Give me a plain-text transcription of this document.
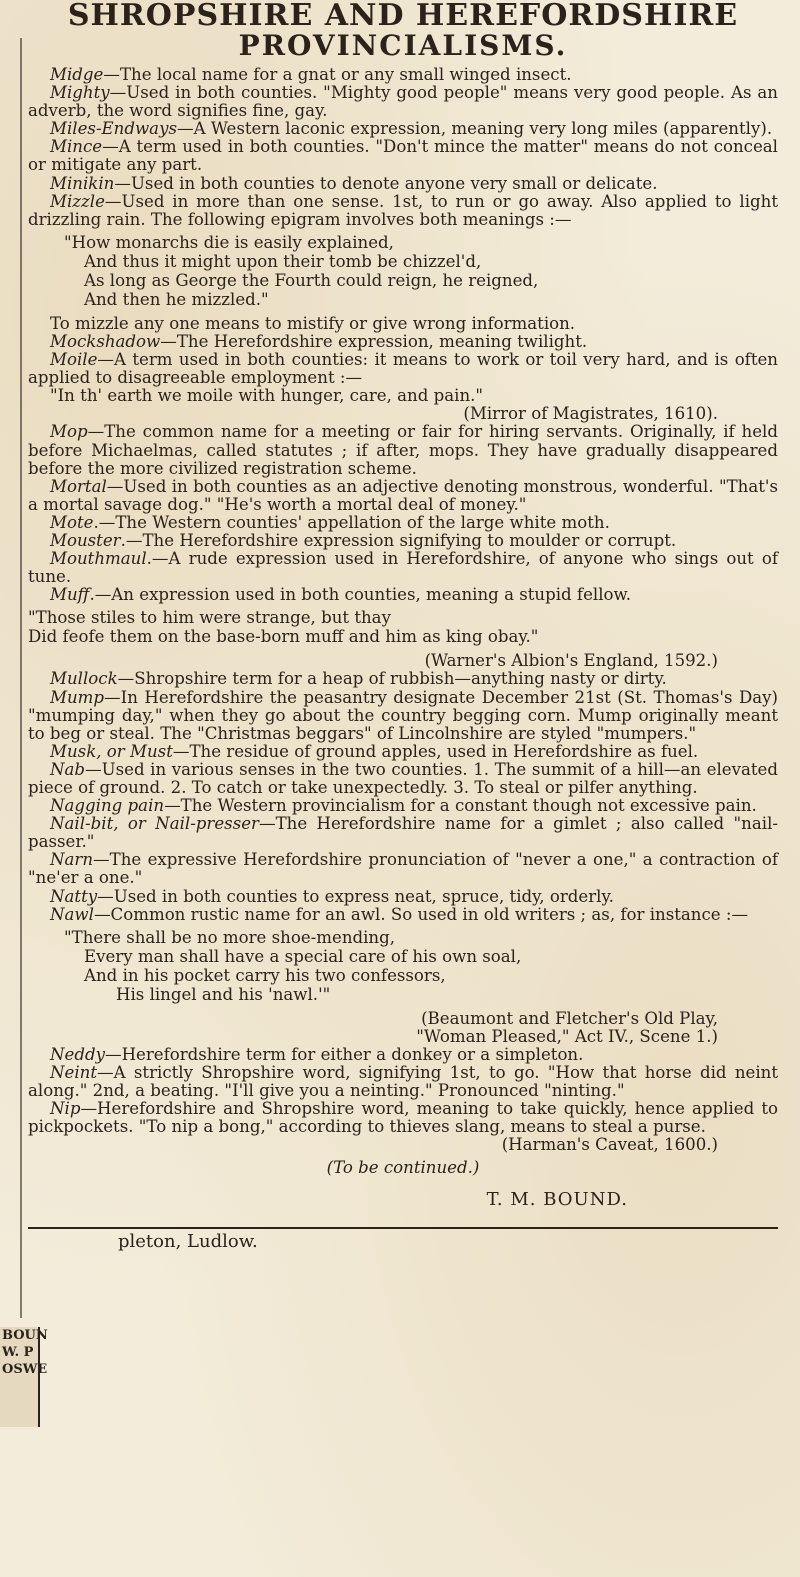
SHROPSHIRE AND HEREFORDSHIRE

PROVINCIALISMS.

Midge—The local name for a gnat or any small winged insect.

Mighty—Used in both counties. "Mighty good people" means very good people. As an adverb, the word signifies fine, gay.

Miles-Endways—A Western laconic expression, meaning very long miles (apparently).

Mince—A term used in both counties. "Don't mince the matter" means do not conceal or mitigate any part.

Minikin—Used in both counties to denote anyone very small or delicate.

Mizzle—Used in more than one sense. 1st, to run or go away. Also applied to light drizzling rain. The following epigram involves both meanings :—

"How monarchs die is easily explained,
And thus it might upon their tomb be chizzel'd,
As long as George the Fourth could reign, he reigned,
And then he mizzled."

To mizzle any one means to mistify or give wrong information.

Mockshadow—The Herefordshire expression, meaning twilight.

Moile—A term used in both counties: it means to work or toil very hard, and is often applied to disagreeable employment :—

"In th' earth we moile with hunger, care, and pain."

(Mirror of Magistrates, 1610).

Mop—The common name for a meeting or fair for hiring servants. Originally, if held before Michaelmas, called statutes ; if after, mops. They have gradually disappeared before the more civilized registration scheme.

Mortal—Used in both counties as an adjective denoting monstrous, wonderful. "That's a mortal savage dog." "He's worth a mortal deal of money."

Mote.—The Western counties' appellation of the large white moth.

Mouster.—The Herefordshire expression signifying to moulder or corrupt.

Mouthmaul.—A rude expression used in Herefordshire, of anyone who sings out of tune.

Muff.—An expression used in both counties, meaning a stupid fellow.

"Those stiles to him were strange, but thay
Did feofe them on the base-born muff and him as king obay."

(Warner's Albion's England, 1592.)

Mullock—Shropshire term for a heap of rubbish—anything nasty or dirty.

Mump—In Herefordshire the peasantry designate December 21st (St. Thomas's Day) "mumping day," when they go about the country begging corn. Mump originally meant to beg or steal. The "Christmas beggars" of Lincolnshire are styled "mumpers."

Musk, or Must—The residue of ground apples, used in Herefordshire as fuel.

Nab—Used in various senses in the two counties. 1. The summit of a hill—an elevated piece of ground. 2. To catch or take unexpectedly. 3. To steal or pilfer anything.

Nagging pain—The Western provincialism for a constant though not excessive pain.

Nail-bit, or Nail-presser—The Herefordshire name for a gimlet ; also called "nail-passer."

Narn—The expressive Herefordshire pronunciation of "never a one," a contraction of "ne'er a one."

Natty—Used in both counties to express neat, spruce, tidy, orderly.

Nawl—Common rustic name for an awl. So used in old writers ; as, for instance :—

"There shall be no more shoe-mending,
Every man shall have a special care of his own soal,
And in his pocket carry his two confessors,
His lingel and his 'nawl.'"

(Beaumont and Fletcher's Old Play,

"Woman Pleased," Act IV., Scene 1.)

Neddy—Herefordshire term for either a donkey or a simpleton.

Neint—A strictly Shropshire word, signifying 1st, to go. "How that horse did neint along." 2nd, a beating. "I'll give you a neinting." Pronounced "ninting."

Nip—Herefordshire and Shropshire word, meaning to take quickly, hence applied to pickpockets. "To nip a bong," according to thieves slang, means to steal a purse.

(Harman's Caveat, 1600.)

(To be continued.)

T. M. BOUND.

pleton, Ludlow.
BOUN
W. P
OSWE
